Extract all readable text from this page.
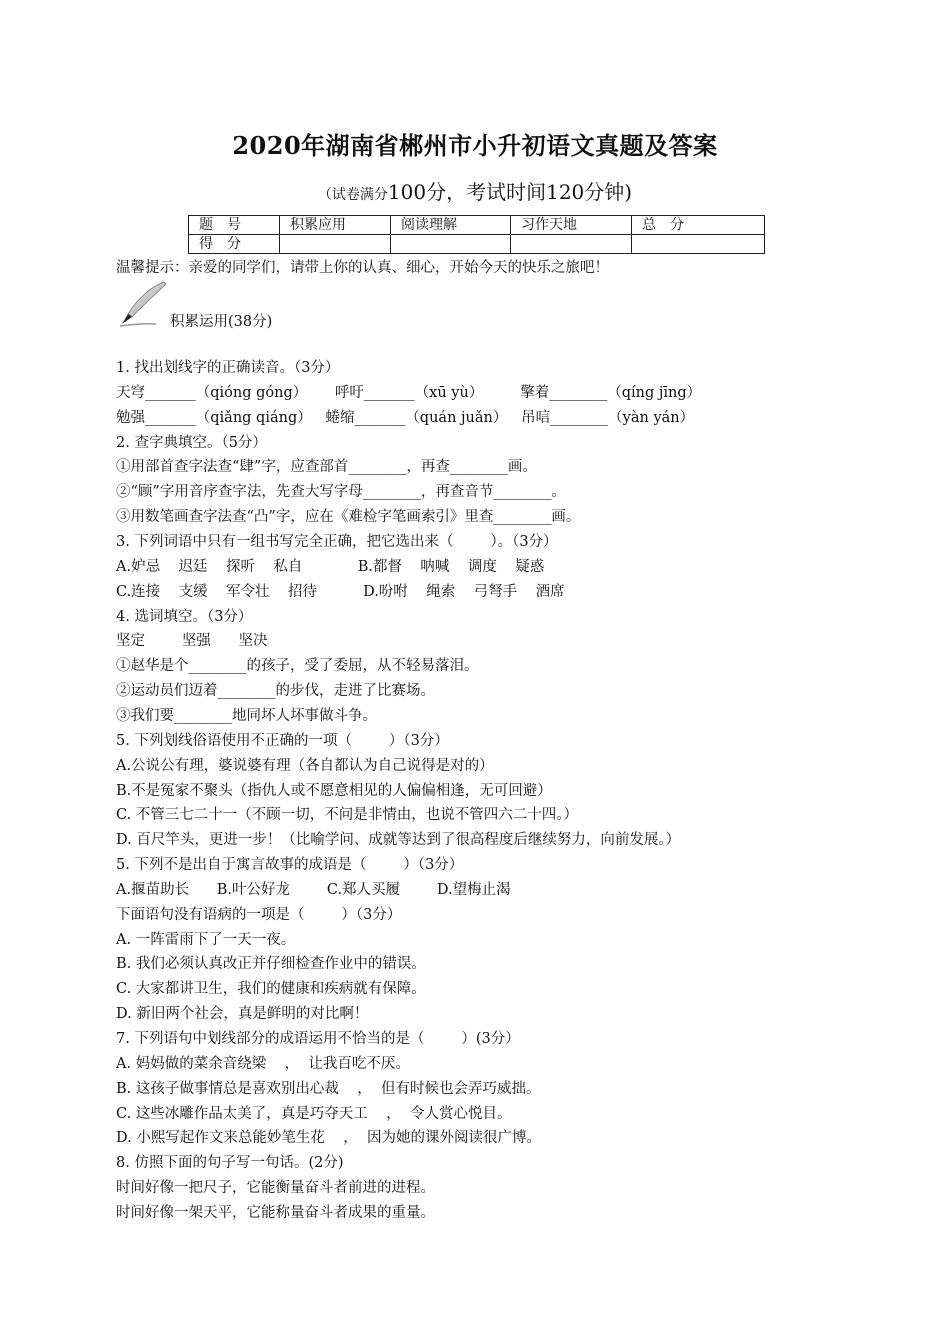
2020年湖南省郴州市小升初语文真题及答案
（试卷满分100分，考试时间120分钟)
题　号	积累应用	阅读理解	习作天地	总　分
得　分				
温馨提示：亲爱的同学们，请带上你的认真、细心，开始今天的快乐之旅吧！
积累运用(38分)
1. 找出划线字的正确读音。（3分）
天穹_______（qióng góng）      呼吁_______（xū yù）        擎着________（qíng jīng）
勉强_______（qiǎng qiáng）   蜷缩_______（quán juǎn）   吊唁________（yàn yán）
2. 查字典填空。（5分）
①用部首查字法查“肆”字，应查部首________，再查________画。
②“顾”字用音序查字法，先查大写字母________，再查音节________。
③用数笔画查字法查“凸”字，应在《难检字笔画索引》里查________画。
3. 下列词语中只有一组书写完全正确，把它选出来（        ）。（3分）
A.妒忌    迟廷    探听    私自            B.都督    呐喊    调度    疑惑
C.连接    支缓    军令壮    招待          D.吩咐    绳索    弓弩手    酒席
4. 选词填空。（3分）
坚定        坚强      坚决
①赵华是个________的孩子，受了委屈，从不轻易落泪。
②运动员们迈着________的步伐，走进了比赛场。
③我们要________地同坏人坏事做斗争。
5. 下列划线俗语使用不正确的一项（        ）（3分）
A.公说公有理，婆说婆有理（各自都认为自己说得是对的）
B.不是冤家不聚头（指仇人或不愿意相见的人偏偏相逢，无可回避）
C. 不管三七二十一（不顾一切，不问是非情由，也说不管四六二十四。）
D. 百尺竿头，更进一步！（比喻学问、成就等达到了很高程度后继续努力，向前发展。）
5. 下列不是出自于寓言故事的成语是（        ）（3分）
A.揠苗助长      B.叶公好龙        C.郑人买履        D.望梅止渴
下面语句没有语病的一项是（        ）（3分）
A. 一阵雷雨下了一天一夜。
B. 我们必须认真改正并仔细检查作业中的错误。
C. 大家都讲卫生，我们的健康和疾病就有保障。
D. 新旧两个社会，真是鲜明的对比啊！
7. 下列语句中划线部分的成语运用不恰当的是（        ）(3分）
A. 妈妈做的菜余音绕梁    ，  让我百吃不厌。
B. 这孩子做事情总是喜欢别出心裁    ，  但有时候也会弄巧威拙。
C. 这些冰雕作品太美了，真是巧夺天工    ，  令人赏心悦目。
D. 小熙写起作文来总能妙笔生花    ，  因为她的课外阅读很广博。
8. 仿照下面的句子写一句话。(2分)
时间好像一把尺子，它能衡量奋斗者前进的进程。
时间好像一架天平，它能称量奋斗者成果的重量。
